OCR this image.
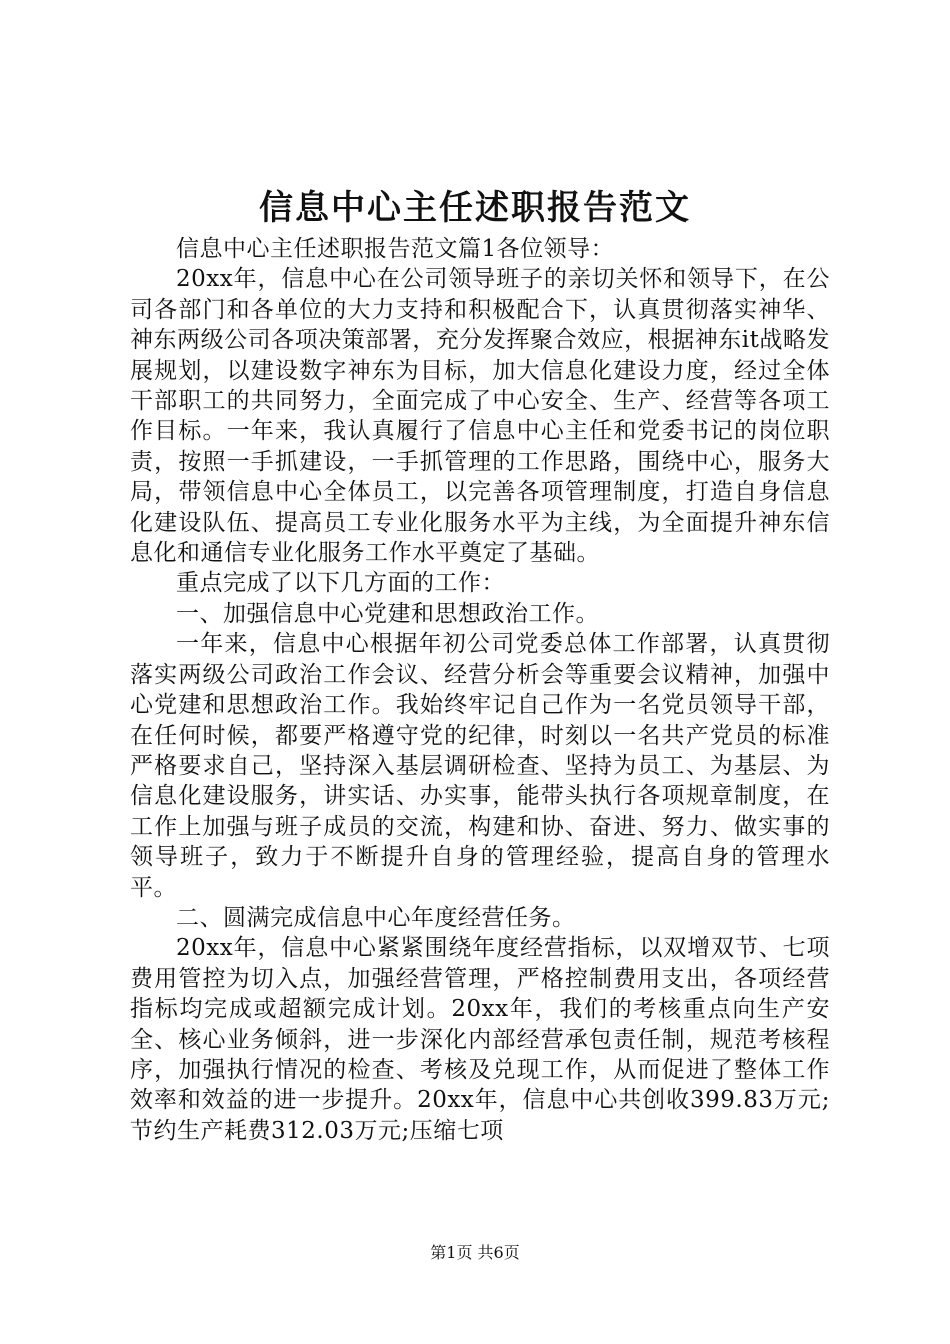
信息中心主任述职报告范文

信息中心主任述职报告范文篇1各位领导：

20xx年，信息中心在公司领导班子的亲切关怀和领导下，在公司各部门和各单位的大力支持和积极配合下，认真贯彻落实神华、神东两级公司各项决策部署，充分发挥聚合效应，根据神东it战略发展规划，以建设数字神东为目标，加大信息化建设力度，经过全体干部职工的共同努力，全面完成了中心安全、生产、经营等各项工作目标。一年来，我认真履行了信息中心主任和党委书记的岗位职责，按照一手抓建设，一手抓管理的工作思路，围绕中心，服务大局，带领信息中心全体员工，以完善各项管理制度，打造自身信息化建设队伍、提高员工专业化服务水平为主线，为全面提升神东信息化和通信专业化服务工作水平奠定了基础。

重点完成了以下几方面的工作：

一、加强信息中心党建和思想政治工作。

一年来，信息中心根据年初公司党委总体工作部署，认真贯彻落实两级公司政治工作会议、经营分析会等重要会议精神，加强中心党建和思想政治工作。我始终牢记自己作为一名党员领导干部，在任何时候，都要严格遵守党的纪律，时刻以一名共产党员的标准严格要求自己，坚持深入基层调研检查、坚持为员工、为基层、为信息化建设服务，讲实话、办实事，能带头执行各项规章制度，在工作上加强与班子成员的交流，构建和协、奋进、努力、做实事的领导班子，致力于不断提升自身的管理经验，提高自身的管理水平。

二、圆满完成信息中心年度经营任务。

20xx年，信息中心紧紧围绕年度经营指标，以双增双节、七项费用管控为切入点，加强经营管理，严格控制费用支出，各项经营指标均完成或超额完成计划。20xx年，我们的考核重点向生产安全、核心业务倾斜，进一步深化内部经营承包责任制，规范考核程序，加强执行情况的检查、考核及兑现工作，从而促进了整体工作效率和效益的进一步提升。20xx年，信息中心共创收399.83万元;节约生产耗费312.03万元;压缩七项

第1页 共6页
